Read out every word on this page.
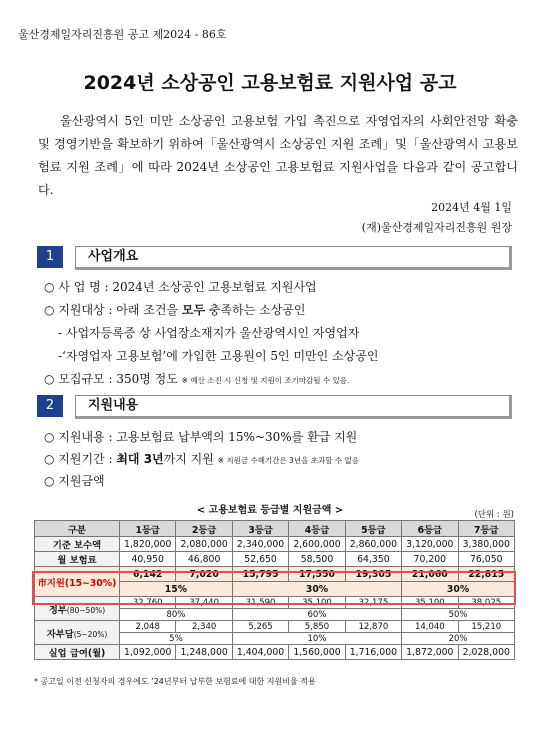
울산경제일자리진흥원 공고 제2024 - 86호
2024년 소상공인 고용보험료 지원사업 공고
울산광역시 5인 미만 소상공인 고용보험 가입 촉진으로 자영업자의 사회안전망 확충 및 경영기반을 확보하기 위하여「울산광역시 소상공인 지원 조례」및「울산광역시 고용보험료 지원 조례」에 따라 2024년 소상공인 고용보험료 지원사업을 다음과 같이 공고합니다.
2024년 4월 1일
(재)울산경제일자리진흥원 원장
1	사업개요
○ 사 업 명 : 2024년 소상공인 고용보험료 지원사업
○ 지원대상 : 아래 조건을 모두 충족하는 소상공인
- 사업자등록증 상 사업장소재지가 울산광역시인 자영업자
-‘자영업자 고용보험’에 가입한 고용원이 5인 미만인 소상공인
○ 모집규모 : 350명 정도 ※ 예산 소진 시 신청 및 지원이 조기마감될 수 있음.
2	지원내용
○ 지원내용 : 고용보험료 납부액의 15%~30%를 환급 지원
○ 지원기간 : 최대 3년까지 지원 ※ 지원금 수혜기간은 3년을 초과할 수 없음
○ 지원금액
< 고용보험료 등급별 지원금액 >	(단위 : 원)
구분	1등급	2등급	3등급	4등급	5등급	6등급	7등급
기준 보수액	1,820,000	2,080,000	2,340,000	2,600,000	2,860,000	3,120,000	3,380,000
월 보험료	40,950	46,800	52,650	58,500	64,350	70,200	76,050
市지원(15~30%)	6,142	7,020	15,795	17,550	19,305	21,060	22,815
	15%		30%			30%	
정부(80~50%)	32,760	37,440	31,590	35,100	32,175	35,100	38,025
	80%		60%			50%	
자부담(5~20%)	2,048	2,340	5,265	5,850	12,870	14,040	15,210
	5%		10%			20%	
실업 급여(월)	1,092,000	1,248,000	1,404,000	1,560,000	1,716,000	1,872,000	2,028,000
* 공고일 이전 신청자의 경우에도 ’24년부터 납부한 보험료에 대한 지원비율 적용
